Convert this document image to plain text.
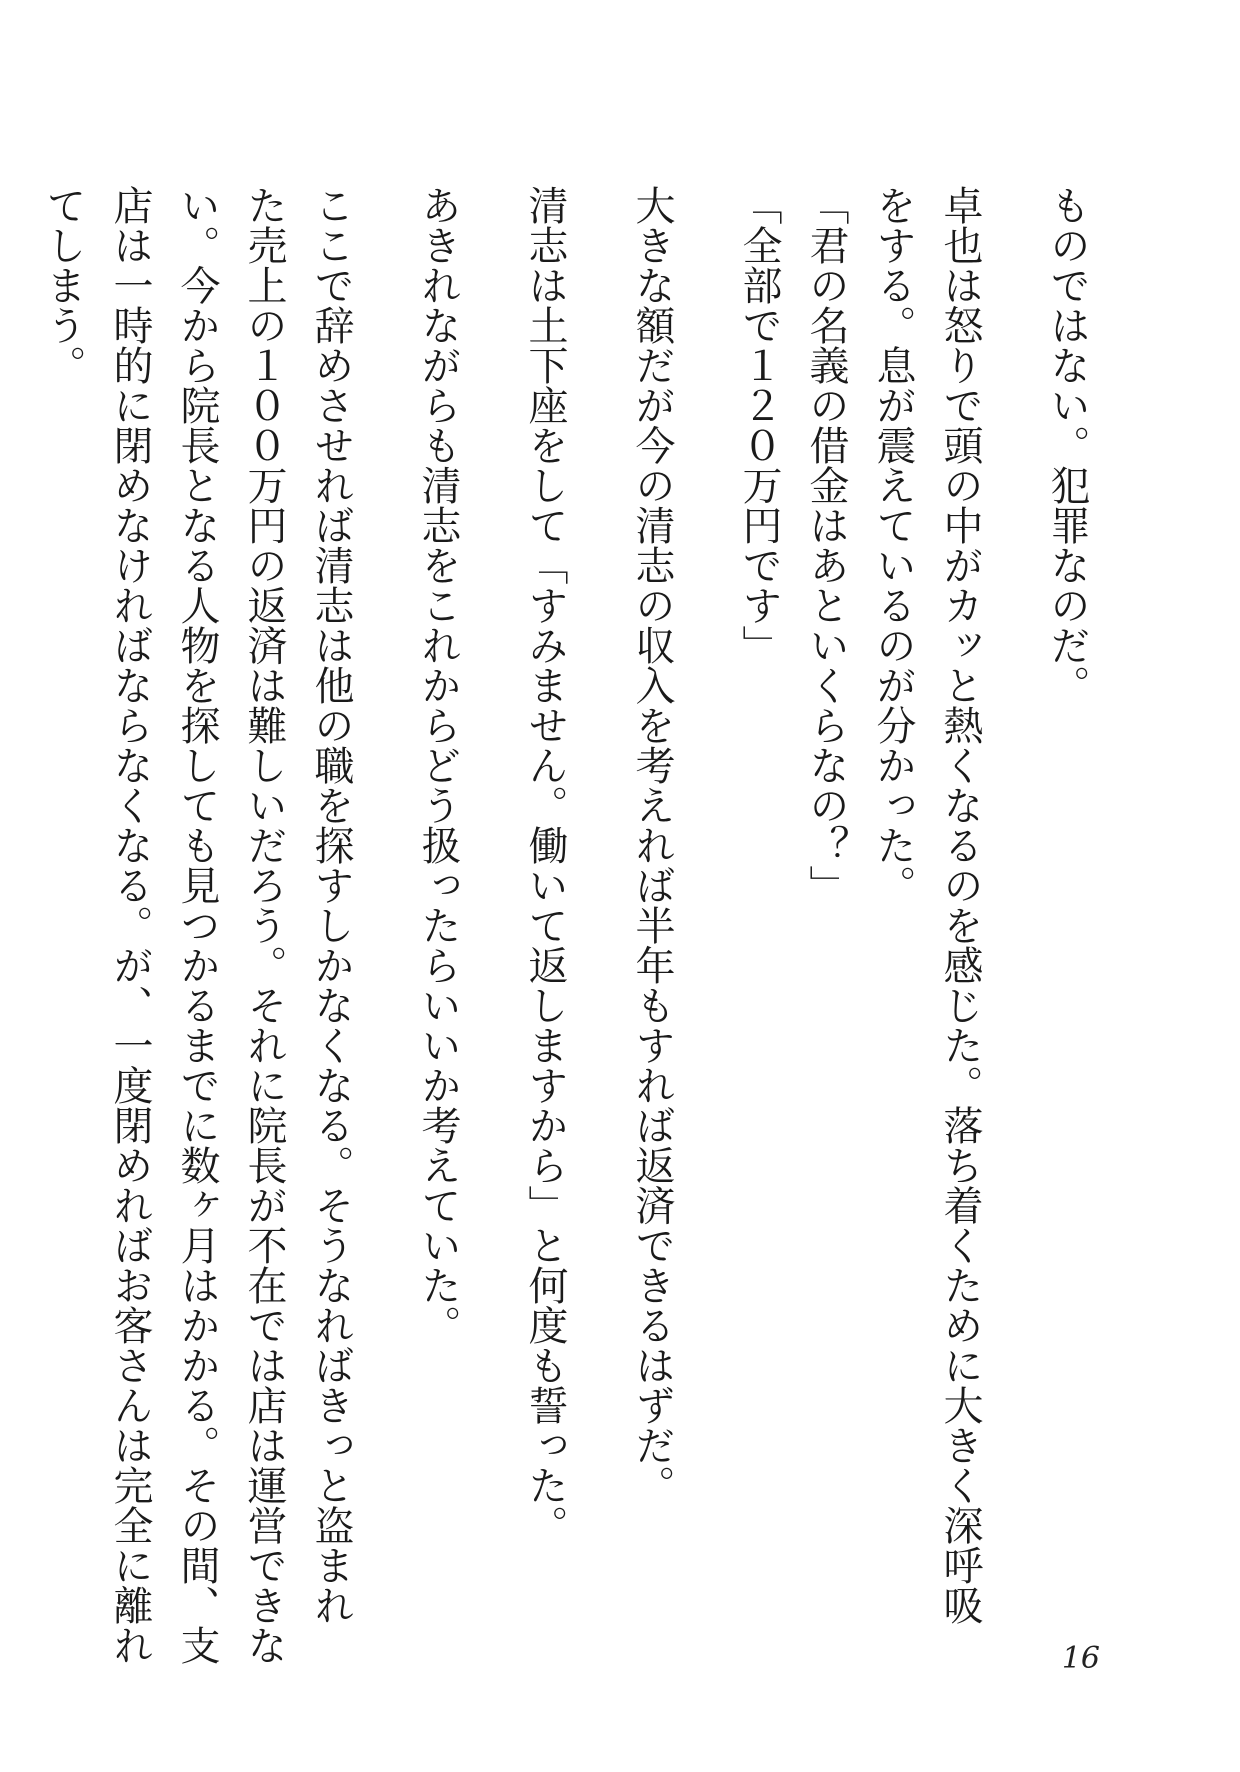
ものではない。犯罪なのだ。
卓也は怒りで頭の中がカッと熱くなるのを感じた。落ち着くために大きく深呼吸
をする。息が震えているのが分かった。
「君の名義の借金はあといくらなの？」
「全部で１２０万円です」
大きな額だが今の清志の収入を考えれば半年もすれば返済できるはずだ。
清志は土下座をして「すみません。働いて返しますから」と何度も誓った。
あきれながらも清志をこれからどう扱ったらいいか考えていた。
ここで辞めさせれば清志は他の職を探すしかなくなる。そうなればきっと盗まれ
た売上の１００万円の返済は難しいだろう。それに院長が不在では店は運営できな
い。今から院長となる人物を探しても見つかるまでに数ヶ月はかかる。その間、支
店は一時的に閉めなければならなくなる。が、一度閉めればお客さんは完全に離れ
てしまう。
16
